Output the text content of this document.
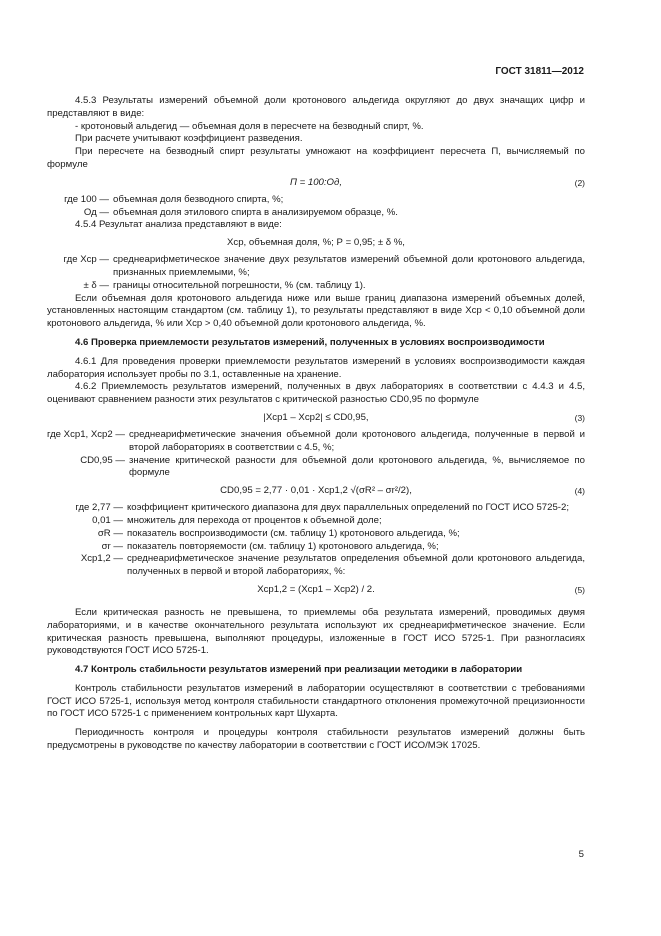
ГОСТ 31811—2012

4.5.3 Результаты измерений объемной доли кротонового альдегида округляют до двух значащих цифр и представляют в виде:

- кротоновый альдегид — объемная доля в пересчете на безводный спирт, %.

При расчете учитывают коэффициент разведения.

При пересчете на безводный спирт результаты умножают на коэффициент пересчета П, вычисляемый по формуле

П = 100:Од,	(2)
где 100 —	объемная доля безводного спирта, %;
Од —	объемная доля этилового спирта в анализируемом образце, %.

4.5.4 Результат анализа представляют в виде:

Xср, объемная доля, %; Р = 0,95; ± δ %,
где Xср —	среднеарифметическое значение двух результатов измерений объемной доли кротонового альдегида, признанных приемлемыми, %;
± δ —	границы относительной погрешности, % (см. таблицу 1).

Если объемная доля кротонового альдегида ниже или выше границ диапазона измерений объемных долей, установленных настоящим стандартом (см. таблицу 1), то результаты представляют в виде Xср < 0,10 объемной доли кротонового альдегида, % или Xср > 0,40 объемной доли кротонового альдегида, %.

4.6 Проверка приемлемости результатов измерений, полученных в условиях воспроизводимости

4.6.1 Для проведения проверки приемлемости результатов измерений в условиях воспроизводимости каждая лаборатория использует пробы по 3.1, оставленные на хранение.

4.6.2 Приемлемость результатов измерений, полученных в двух лабораториях в соответствии с 4.4.3 и 4.5, оценивают сравнением разности этих результатов с критической разностью CD0,95 по формуле

|Xср1 – Xср2| ≤ CD0,95,	(3)
где Xср1, Xср2 —	среднеарифметические значения объемной доли кротонового альдегида, полученные в первой и второй лабораториях в соответствии с 4.5, %;
CD0,95 —	значение критической разности для объемной доли кротонового альдегида, %, вычисляемое по формуле
CD0,95 = 2,77 · 0,01 · Xср1,2 √(σR² – σr²/2),	(4)
где 2,77 —	коэффициент критического диапазона для двух параллельных определений по ГОСТ ИСО 5725-2;
0,01 —	множитель для перехода от процентов к объемной доле;
σR —	показатель воспроизводимости (см. таблицу 1) кротонового альдегида, %;
σr —	показатель повторяемости (см. таблицу 1) кротонового альдегида, %;
Xср1,2 —	среднеарифметическое значение результатов определения объемной доли кротонового альдегида, полученных в первой и второй лабораториях, %:
Xср1,2 = (Xср1 – Xср2) / 2.	(5)

Если критическая разность не превышена, то приемлемы оба результата измерений, проводимых двумя лабораториями, и в качестве окончательного результата используют их среднеарифметическое значение. Если критическая разность превышена, выполняют процедуры, изложенные в ГОСТ ИСО 5725-1. При разногласиях руководствуются ГОСТ ИСО 5725-1.

4.7 Контроль стабильности результатов измерений при реализации методики в лаборатории

Контроль стабильности результатов измерений в лаборатории осуществляют в соответствии с требованиями ГОСТ ИСО 5725-1, используя метод контроля стабильности стандартного отклонения промежуточной прецизионности по ГОСТ ИСО 5725-1 с применением контрольных карт Шухарта.

Периодичность контроля и процедуры контроля стабильности результатов измерений должны быть предусмотрены в руководстве по качеству лаборатории в соответствии с ГОСТ ИСО/МЭК 17025.

5
